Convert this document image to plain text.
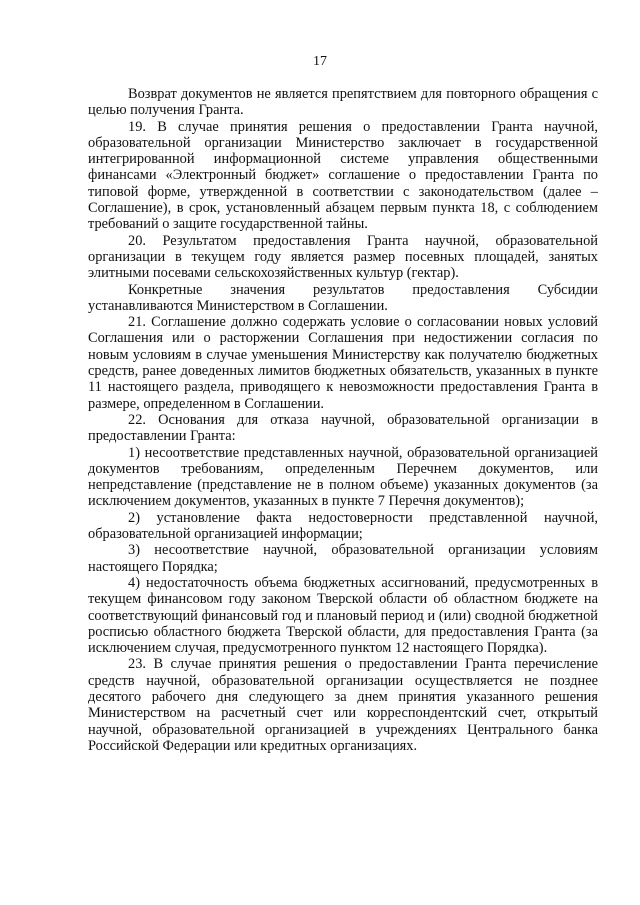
17

Возврат документов не является препятствием для повторного обращения с целью получения Гранта.

19. В случае принятия решения о предоставлении Гранта научной, образовательной организации Министерство заключает в государственной интегрированной информационной системе управления общественными финансами «Электронный бюджет» соглашение о предоставлении Гранта по типовой форме, утвержденной в соответствии с законодательством (далее – Соглашение), в срок, установленный абзацем первым пункта 18, с соблюдением требований о защите государственной тайны.

20. Результатом предоставления Гранта научной, образовательной организации в текущем году является размер посевных площадей, занятых элитными посевами сельскохозяйственных культур (гектар).

Конкретные значения результатов предоставления Субсидии устанавливаются Министерством в Соглашении.

21. Соглашение должно содержать условие о согласовании новых условий Соглашения или о расторжении Соглашения при недостижении согласия по новым условиям в случае уменьшения Министерству как получателю бюджетных средств, ранее доведенных лимитов бюджетных обязательств, указанных в пункте 11 настоящего раздела, приводящего к невозможности предоставления Гранта в размере, определенном в Соглашении.

22. Основания для отказа научной, образовательной организации в предоставлении Гранта:

1) несоответствие представленных научной, образовательной организацией документов требованиям, определенным Перечнем документов, или непредставление (представление не в полном объеме) указанных документов (за исключением документов, указанных в пункте 7 Перечня документов);

2) установление факта недостоверности представленной научной, образовательной организацией информации;

3) несоответствие научной, образовательной организации условиям настоящего Порядка;

4) недостаточность объема бюджетных ассигнований, предусмотренных в текущем финансовом году законом Тверской области об областном бюджете на соответствующий финансовый год и плановый период и (или) сводной бюджетной росписью областного бюджета Тверской области, для предоставления Гранта (за исключением случая, предусмотренного пунктом 12 настоящего Порядка).

23. В случае принятия решения о предоставлении Гранта перечисление средств научной, образовательной организации осуществляется не позднее десятого рабочего дня следующего за днем принятия указанного решения Министерством на расчетный счет или корреспондентский счет, открытый научной, образовательной организацией в учреждениях Центрального банка Российской Федерации или кредитных организациях.
